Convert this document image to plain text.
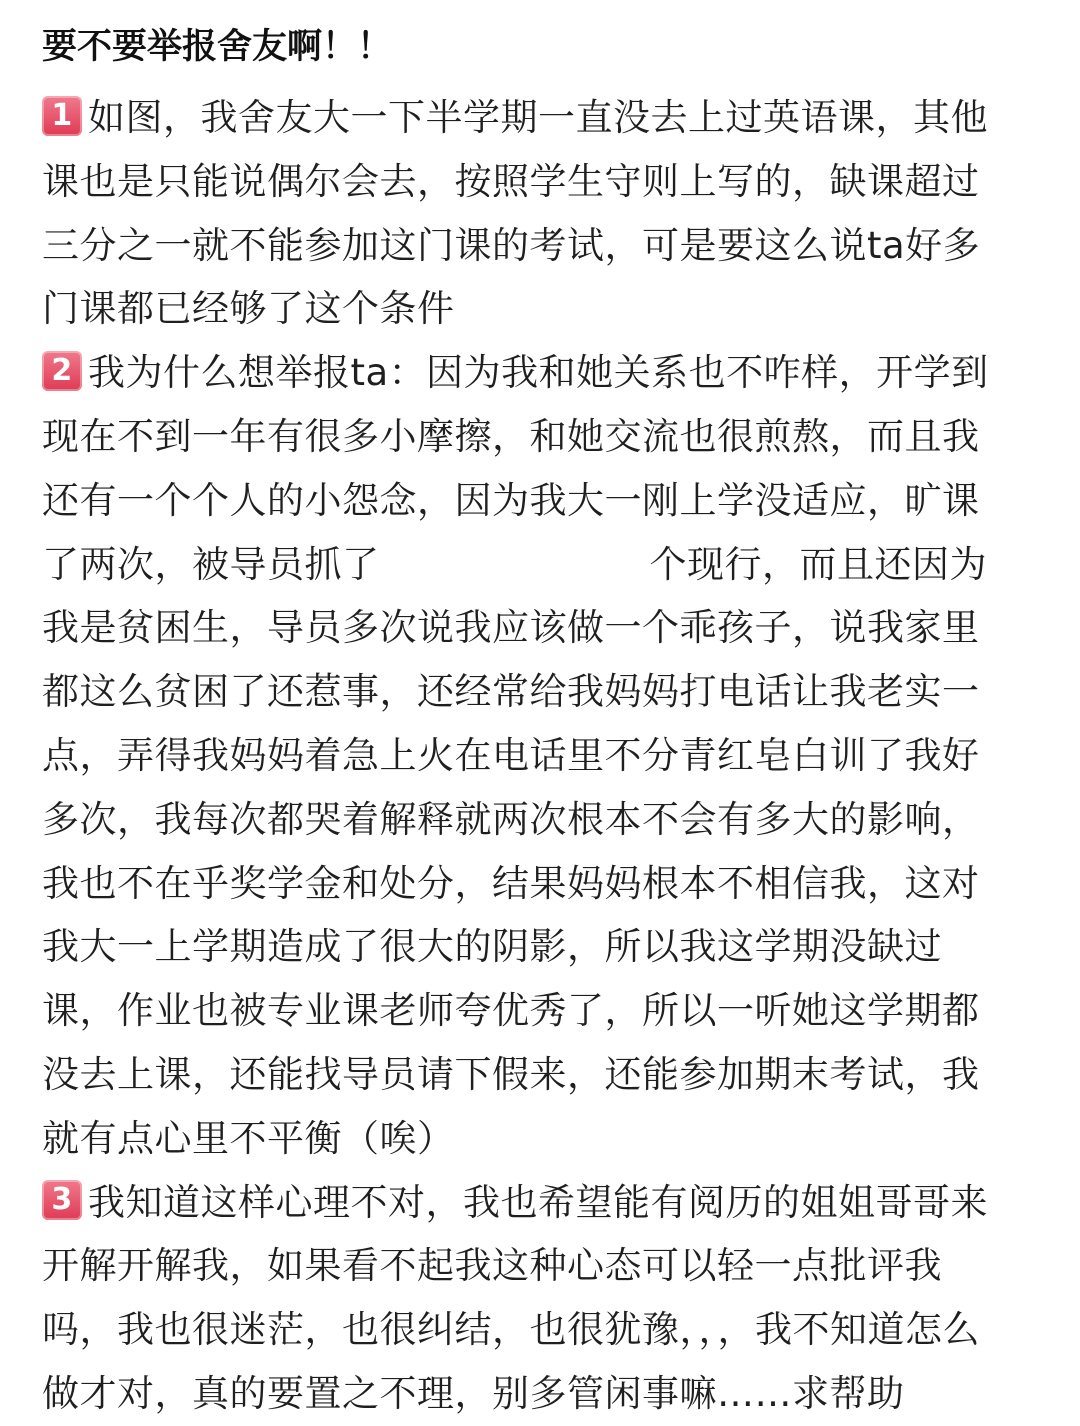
要不要举报舍友啊！！
1 如图，我舍友大一下半学期一直没去上过英语课，其他
课也是只能说偶尔会去，按照学生守则上写的，缺课超过
三分之一就不能参加这门课的考试，可是要这么说ta好多
门课都已经够了这个条件
2 我为什么想举报ta：因为我和她关系也不咋样，开学到
现在不到一年有很多小摩擦，和她交流也很煎熬，而且我
还有一个个人的小怨念，因为我大一刚上学没适应，旷课
了两次，被导员抓了	个现行，而且还因为
我是贫困生，导员多次说我应该做一个乖孩子，说我家里
都这么贫困了还惹事，还经常给我妈妈打电话让我老实一
点，弄得我妈妈着急上火在电话里不分青红皂白训了我好
多次，我每次都哭着解释就两次根本不会有多大的影响，
我也不在乎奖学金和处分，结果妈妈根本不相信我，这对
我大一上学期造成了很大的阴影，所以我这学期没缺过
课，作业也被专业课老师夸优秀了，所以一听她这学期都
没去上课，还能找导员请下假来，还能参加期末考试，我
就有点心里不平衡（唉）
3 我知道这样心理不对，我也希望能有阅历的姐姐哥哥来
开解开解我，如果看不起我这种心态可以轻一点批评我
吗，我也很迷茫，也很纠结，也很犹豫，，，我不知道怎么
做才对，真的要置之不理，别多管闲事嘛……求帮助
